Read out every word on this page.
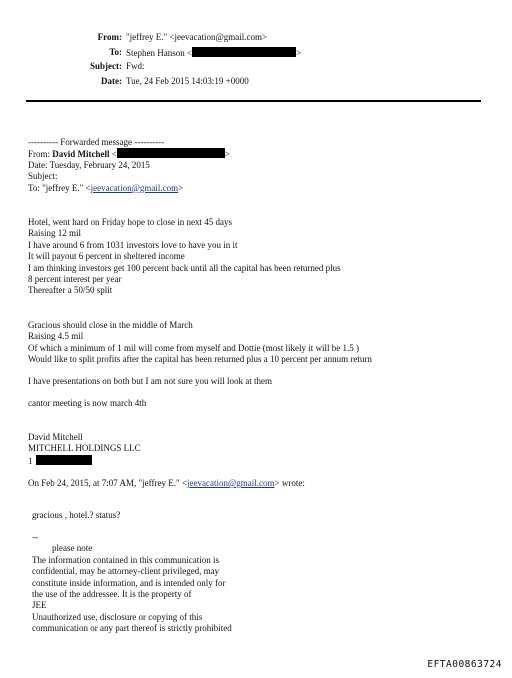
From: "jeffrey E." <jeevacation@gmail.com>
To: Stephen Hanson <	>
Subject: Fwd:
Date: Tue, 24 Feb 2015 14:03:19 +0000
---------- Forwarded message ----------
From: David Mitchell <	>
Date: Tuesday, February 24, 2015
Subject:
To: "jeffrey E." <jeevacation@gmail.com>
Hotel, went hard on Friday hope to close in next 45 days
Raising 12 mil
I have around 6 from 1031 investors love to have you in it
It will payout 6 percent in sheltered income
I am thinking investors get 100 percent back until all the capital has been returned plus
8 percent interest per year
Thereafter a 50/50 split
Gracious should close in the middle of March
Raising 4.5 mil
Of which a minimum of 1 mil will come from myself and Dottie (most likely it will be 1.5 )
Would like to split profits after the capital has been returned plus a 10 percent per annum return
I have presentations on both but I am not sure you will look at them
cantor meeting is now march 4th
David Mitchell
MITCHELL HOLDINGS LLC
1
On Feb 24, 2015, at 7:07 AM, "jeffrey E." <jeevacation@gmail.com> wrote:
gracious , hotel.? status?
--
please note
The information contained in this communication is
confidential, may be attorney-client privileged, may
constitute inside information, and is intended only for
the use of the addressee. It is the property of
JEE
Unauthorized use, disclosure or copying of this
communication or any part thereof is strictly prohibited
EFTA00863724
